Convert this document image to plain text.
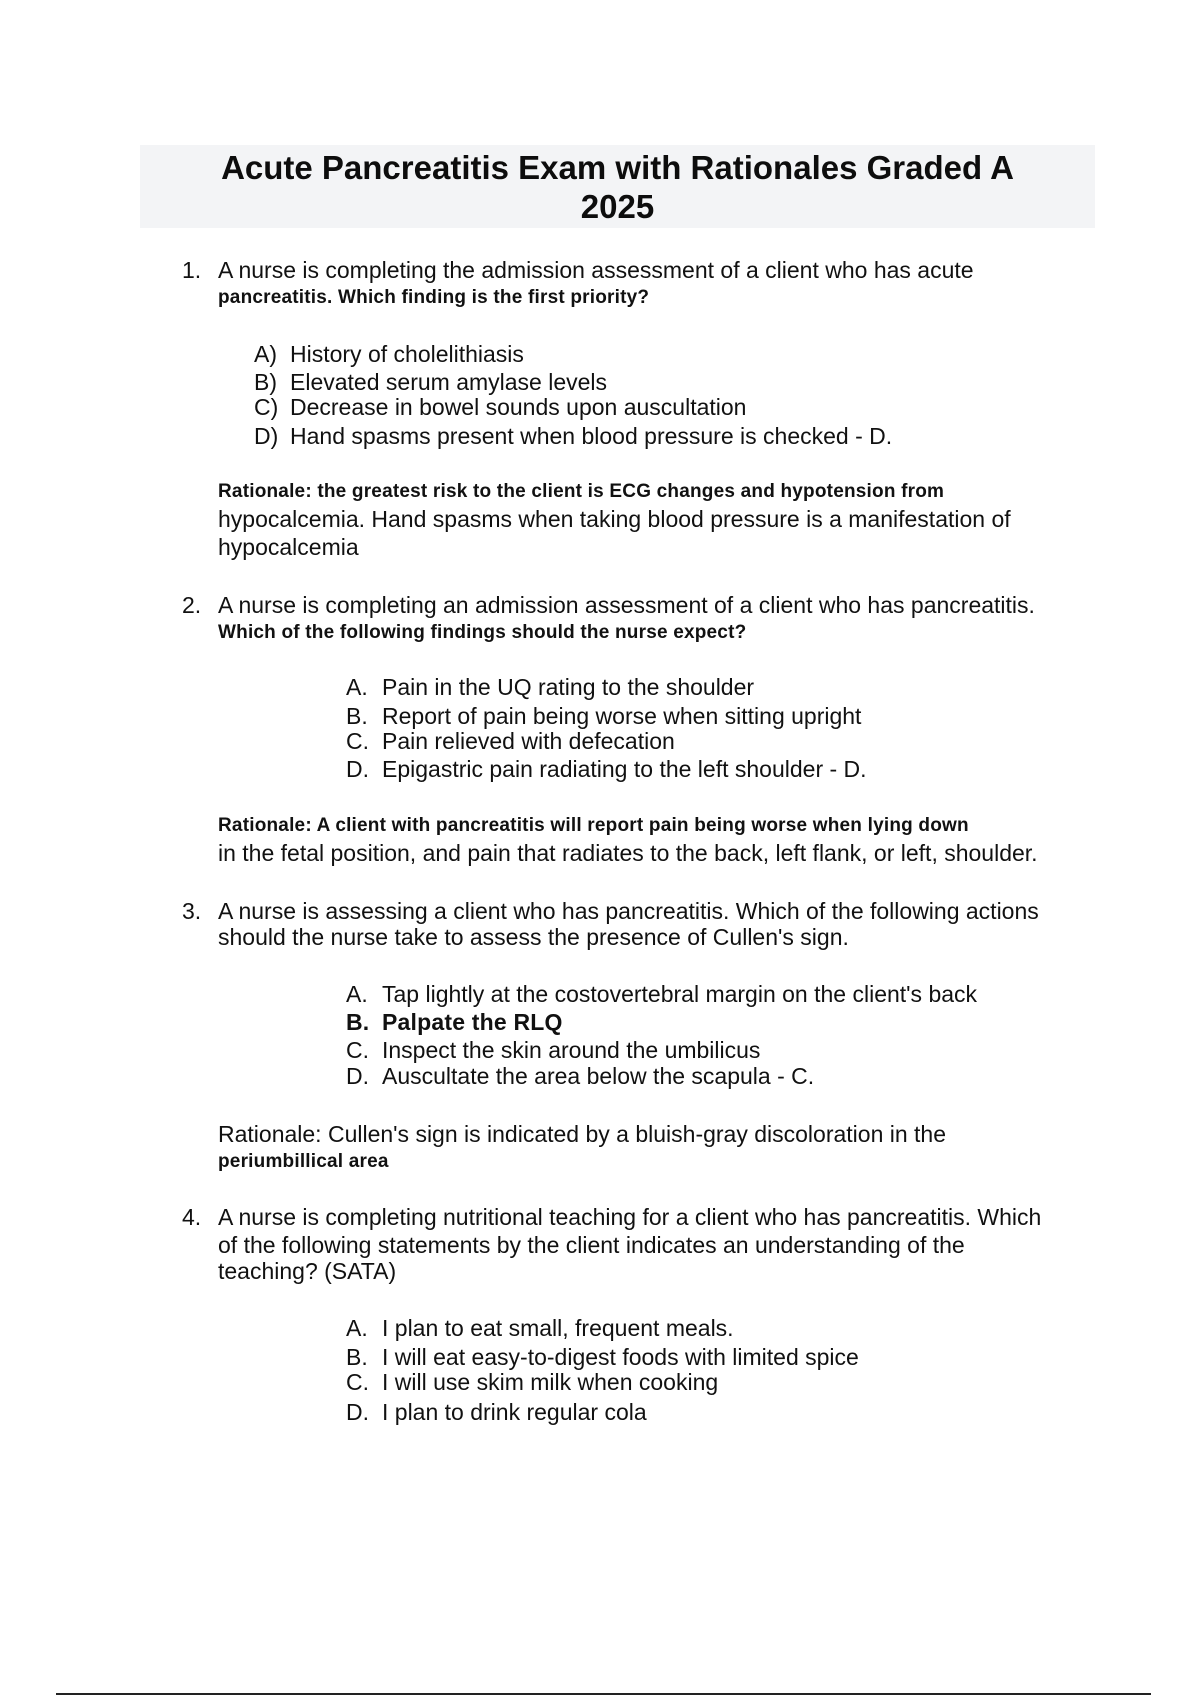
Acute Pancreatitis Exam with Rationales Graded A
2025
1. A nurse is completing the admission assessment of a client who has acute
pancreatitis. Which finding is the first priority?
A) History of cholelithiasis
B) Elevated serum amylase levels
C) Decrease in bowel sounds upon auscultation
D) Hand spasms present when blood pressure is checked - D.
Rationale: the greatest risk to the client is ECG changes and hypotension from
hypocalcemia. Hand spasms when taking blood pressure is a manifestation of
hypocalcemia
2. A nurse is completing an admission assessment of a client who has pancreatitis.
Which of the following findings should the nurse expect?
A. Pain in the UQ rating to the shoulder
B. Report of pain being worse when sitting upright
C. Pain relieved with defecation
D. Epigastric pain radiating to the left shoulder - D.
Rationale: A client with pancreatitis will report pain being worse when lying down
in the fetal position, and pain that radiates to the back, left flank, or left, shoulder.
3. A nurse is assessing a client who has pancreatitis. Which of the following actions
should the nurse take to assess the presence of Cullen's sign.
A. Tap lightly at the costovertebral margin on the client's back
B. Palpate the RLQ
C. Inspect the skin around the umbilicus
D. Auscultate the area below the scapula - C.
Rationale: Cullen's sign is indicated by a bluish-gray discoloration in the
periumbillical area
4. A nurse is completing nutritional teaching for a client who has pancreatitis. Which
of the following statements by the client indicates an understanding of the
teaching? (SATA)
A. I plan to eat small, frequent meals.
B. I will eat easy-to-digest foods with limited spice
C. I will use skim milk when cooking
D. I plan to drink regular cola
